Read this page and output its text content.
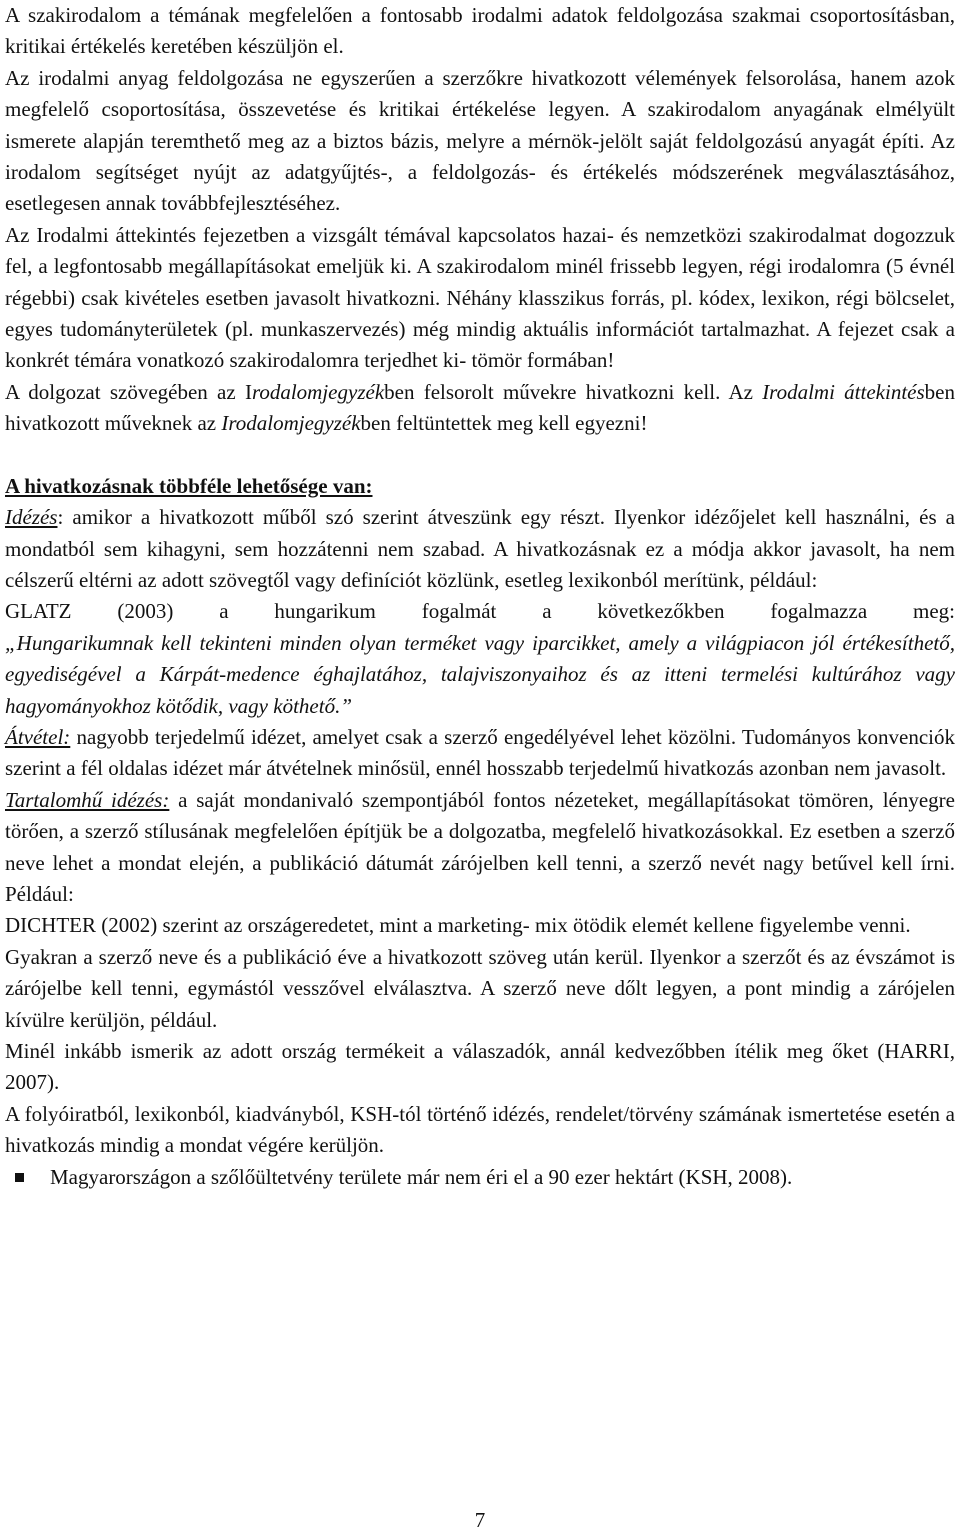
A szakirodalom a témának megfelelően a fontosabb irodalmi adatok feldolgozása szakmai csoportosításban, kritikai értékelés keretében készüljön el.

Az irodalmi anyag feldolgozása ne egyszerűen a szerzőkre hivatkozott vélemények felsorolása, hanem azok megfelelő csoportosítása, összevetése és kritikai értékelése legyen. A szakirodalom anyagának elmélyült ismerete alapján teremthető meg az a biztos bázis, melyre a mérnök-jelölt saját feldolgozású anyagát építi. Az irodalom segítséget nyújt az adatgyűjtés-, a feldolgozás- és értékelés módszerének megválasztásához, esetlegesen annak továbbfejlesztéséhez.

Az Irodalmi áttekintés fejezetben a vizsgált témával kapcsolatos hazai- és nemzetközi szakirodalmat dogozzuk fel, a legfontosabb megállapításokat emeljük ki. A szakirodalom minél frissebb legyen, régi irodalomra (5 évnél régebbi) csak kivételes esetben javasolt hivatkozni. Néhány klasszikus forrás, pl. kódex, lexikon, régi bölcselet, egyes tudományterületek (pl. munkaszervezés) még mindig aktuális információt tartalmazhat. A fejezet csak a konkrét témára vonatkozó szakirodalomra terjedhet ki- tömör formában!

A dolgozat szövegében az Irodalomjegyzékben felsorolt művekre hivatkozni kell. Az Irodalmi áttekintésben hivatkozott műveknek az Irodalomjegyzékben feltüntettek meg kell egyezni!

A hivatkozásnak többféle lehetősége van:

Idézés: amikor a hivatkozott műből szó szerint átveszünk egy részt. Ilyenkor idézőjelet kell használni, és a mondatból sem kihagyni, sem hozzátenni nem szabad. A hivatkozásnak ez a módja akkor javasolt, ha nem célszerű eltérni az adott szövegtől vagy definíciót közlünk, esetleg lexikonból merítünk, például:

GLATZ (2003) a hungarikum fogalmát a következőkben fogalmazza meg:

„Hungarikumnak kell tekinteni minden olyan terméket vagy iparcikket, amely a világpiacon jól értékesíthető, egyediségével a Kárpát-medence éghajlatához, talajviszonyaihoz és az itteni termelési kultúrához vagy hagyományokhoz kötődik, vagy köthető.”

Átvétel: nagyobb terjedelmű idézet, amelyet csak a szerző engedélyével lehet közölni. Tudományos konvenciók szerint a fél oldalas idézet már átvételnek minősül, ennél hosszabb terjedelmű hivatkozás azonban nem javasolt.

Tartalomhű idézés: a saját mondanivaló szempontjából fontos nézeteket, megállapításokat tömören, lényegre törően, a szerző stílusának megfelelően építjük be a dolgozatba, megfelelő hivatkozásokkal. Ez esetben a szerző neve lehet a mondat elején, a publikáció dátumát zárójelben kell tenni, a szerző nevét nagy betűvel kell írni. Például:

DICHTER (2002) szerint az országeredetet, mint a marketing- mix ötödik elemét kellene figyelembe venni.

Gyakran a szerző neve és a publikáció éve a hivatkozott szöveg után kerül. Ilyenkor a szerzőt és az évszámot is zárójelbe kell tenni, egymástól vesszővel elválasztva. A szerző neve dőlt legyen, a pont mindig a zárójelen kívülre kerüljön, például.

Minél inkább ismerik az adott ország termékeit a válaszadók, annál kedvezőbben ítélik meg őket (HARRI, 2007).

A folyóiratból, lexikonból, kiadványból, KSH-tól történő idézés, rendelet/törvény számának ismertetése esetén a hivatkozás mindig a mondat végére kerüljön.

Magyarországon a szőlőültetvény területe már nem éri el a 90 ezer hektárt (KSH, 2008).
7
